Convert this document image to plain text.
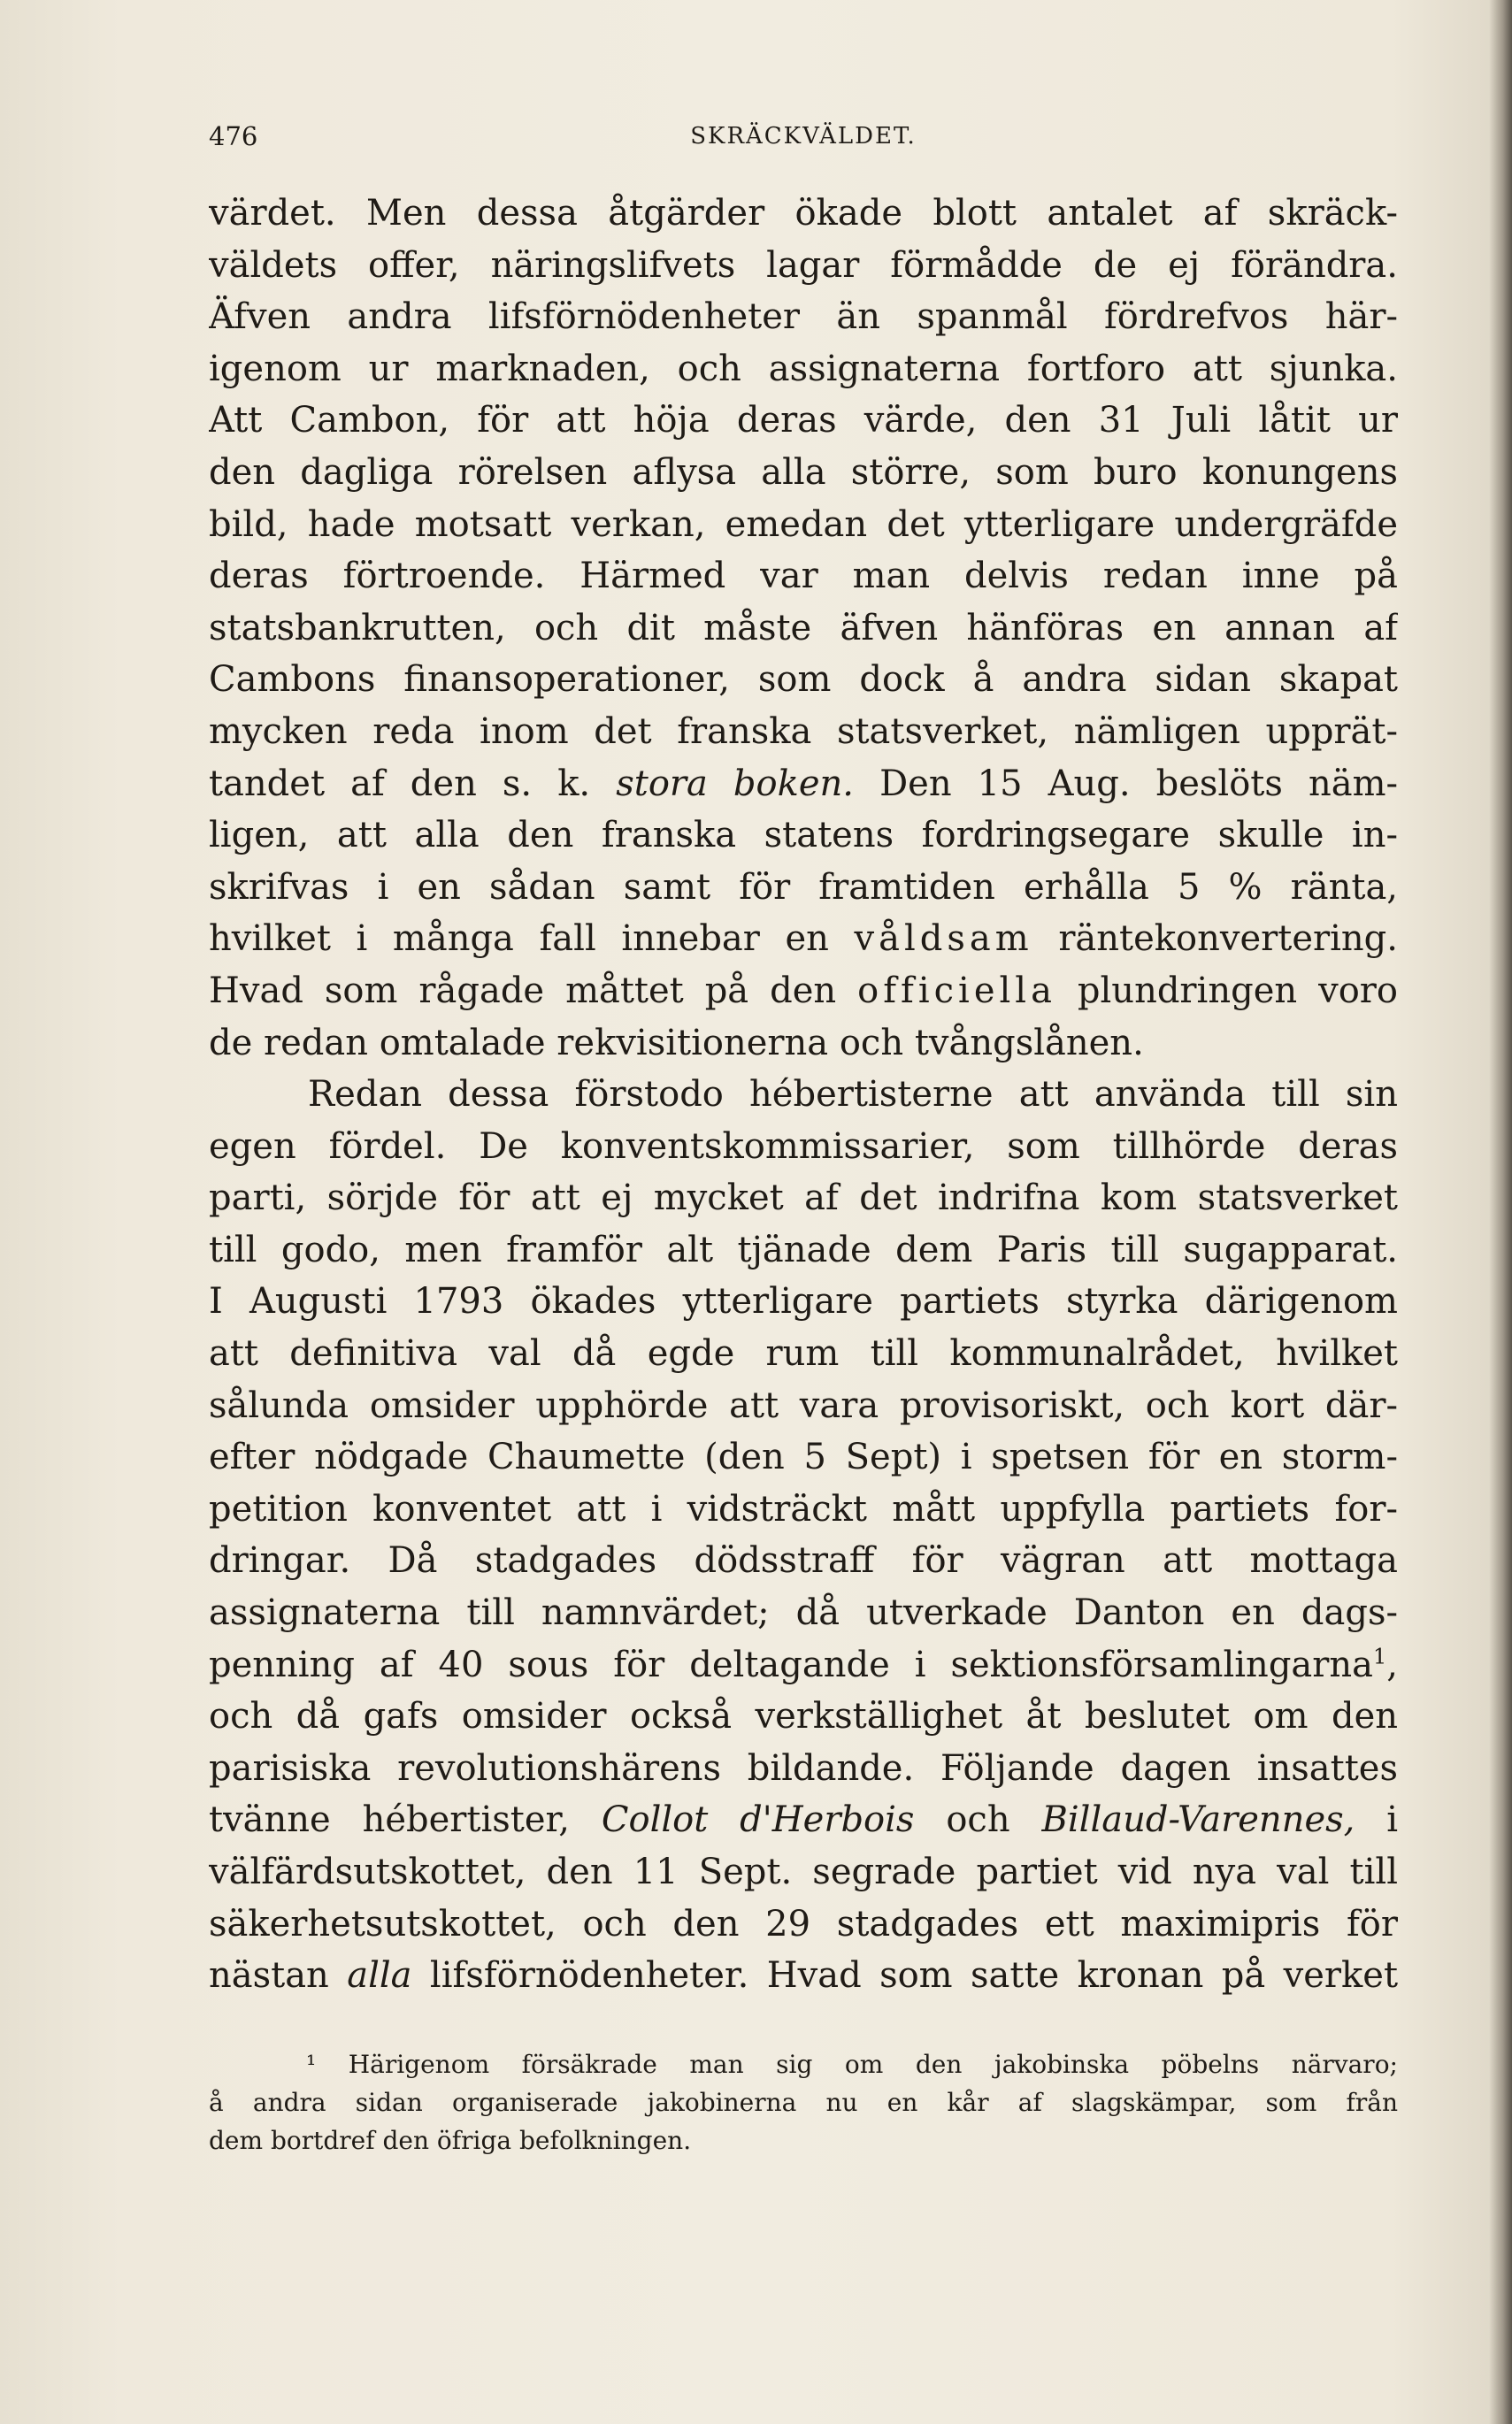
476	SKRÄCKVÄLDET.
värdet. Men dessa åtgärder ökade blott antalet af skräck-
väldets offer, näringslifvets lagar förmådde de ej förändra.
Äfven andra lifsförnödenheter än spanmål fördrefvos här-
igenom ur marknaden, och assignaterna fortforo att sjunka.
Att Cambon, för att höja deras värde, den 31 Juli låtit ur
den dagliga rörelsen aflysa alla större, som buro konungens
bild, hade motsatt verkan, emedan det ytterligare undergräfde
deras förtroende. Härmed var man delvis redan inne på
statsbankrutten, och dit måste äfven hänföras en annan af
Cambons finansoperationer, som dock å andra sidan skapat
mycken reda inom det franska statsverket, nämligen upprät-
tandet af den s. k. stora boken. Den 15 Aug. beslöts näm-
ligen, att alla den franska statens fordringsegare skulle in-
skrifvas i en sådan samt för framtiden erhålla 5 % ränta,
hvilket i många fall innebar en våldsam räntekonvertering.
Hvad som rågade måttet på den officiella plundringen voro
de redan omtalade rekvisitionerna och tvångslånen.
Redan dessa förstodo hébertisterne att använda till sin
egen fördel. De konventskommissarier, som tillhörde deras
parti, sörjde för att ej mycket af det indrifna kom statsverket
till godo, men framför alt tjänade dem Paris till sugapparat.
I Augusti 1793 ökades ytterligare partiets styrka därigenom
att definitiva val då egde rum till kommunalrådet, hvilket
sålunda omsider upphörde att vara provisoriskt, och kort där-
efter nödgade Chaumette (den 5 Sept) i spetsen för en storm-
petition konventet att i vidsträckt mått uppfylla partiets for-
dringar. Då stadgades dödsstraff för vägran att mottaga
assignaterna till namnvärdet; då utverkade Danton en dags-
penning af 40 sous för deltagande i sektionsförsamlingarna$^1$,
och då gafs omsider också verkställighet åt beslutet om den
parisiska revolutionshärens bildande. Följande dagen insattes
tvänne hébertister, Collot d'Herbois och Billaud-Varennes, i
välfärdsutskottet, den 11 Sept. segrade partiet vid nya val till
säkerhetsutskottet, och den 29 stadgades ett maximipris för
nästan alla lifsförnödenheter. Hvad som satte kronan på verket
¹ Härigenom försäkrade man sig om den jakobinska pöbelns närvaro;
å andra sidan organiserade jakobinerna nu en kår af slagskämpar, som från
dem bortdref den öfriga befolkningen.
